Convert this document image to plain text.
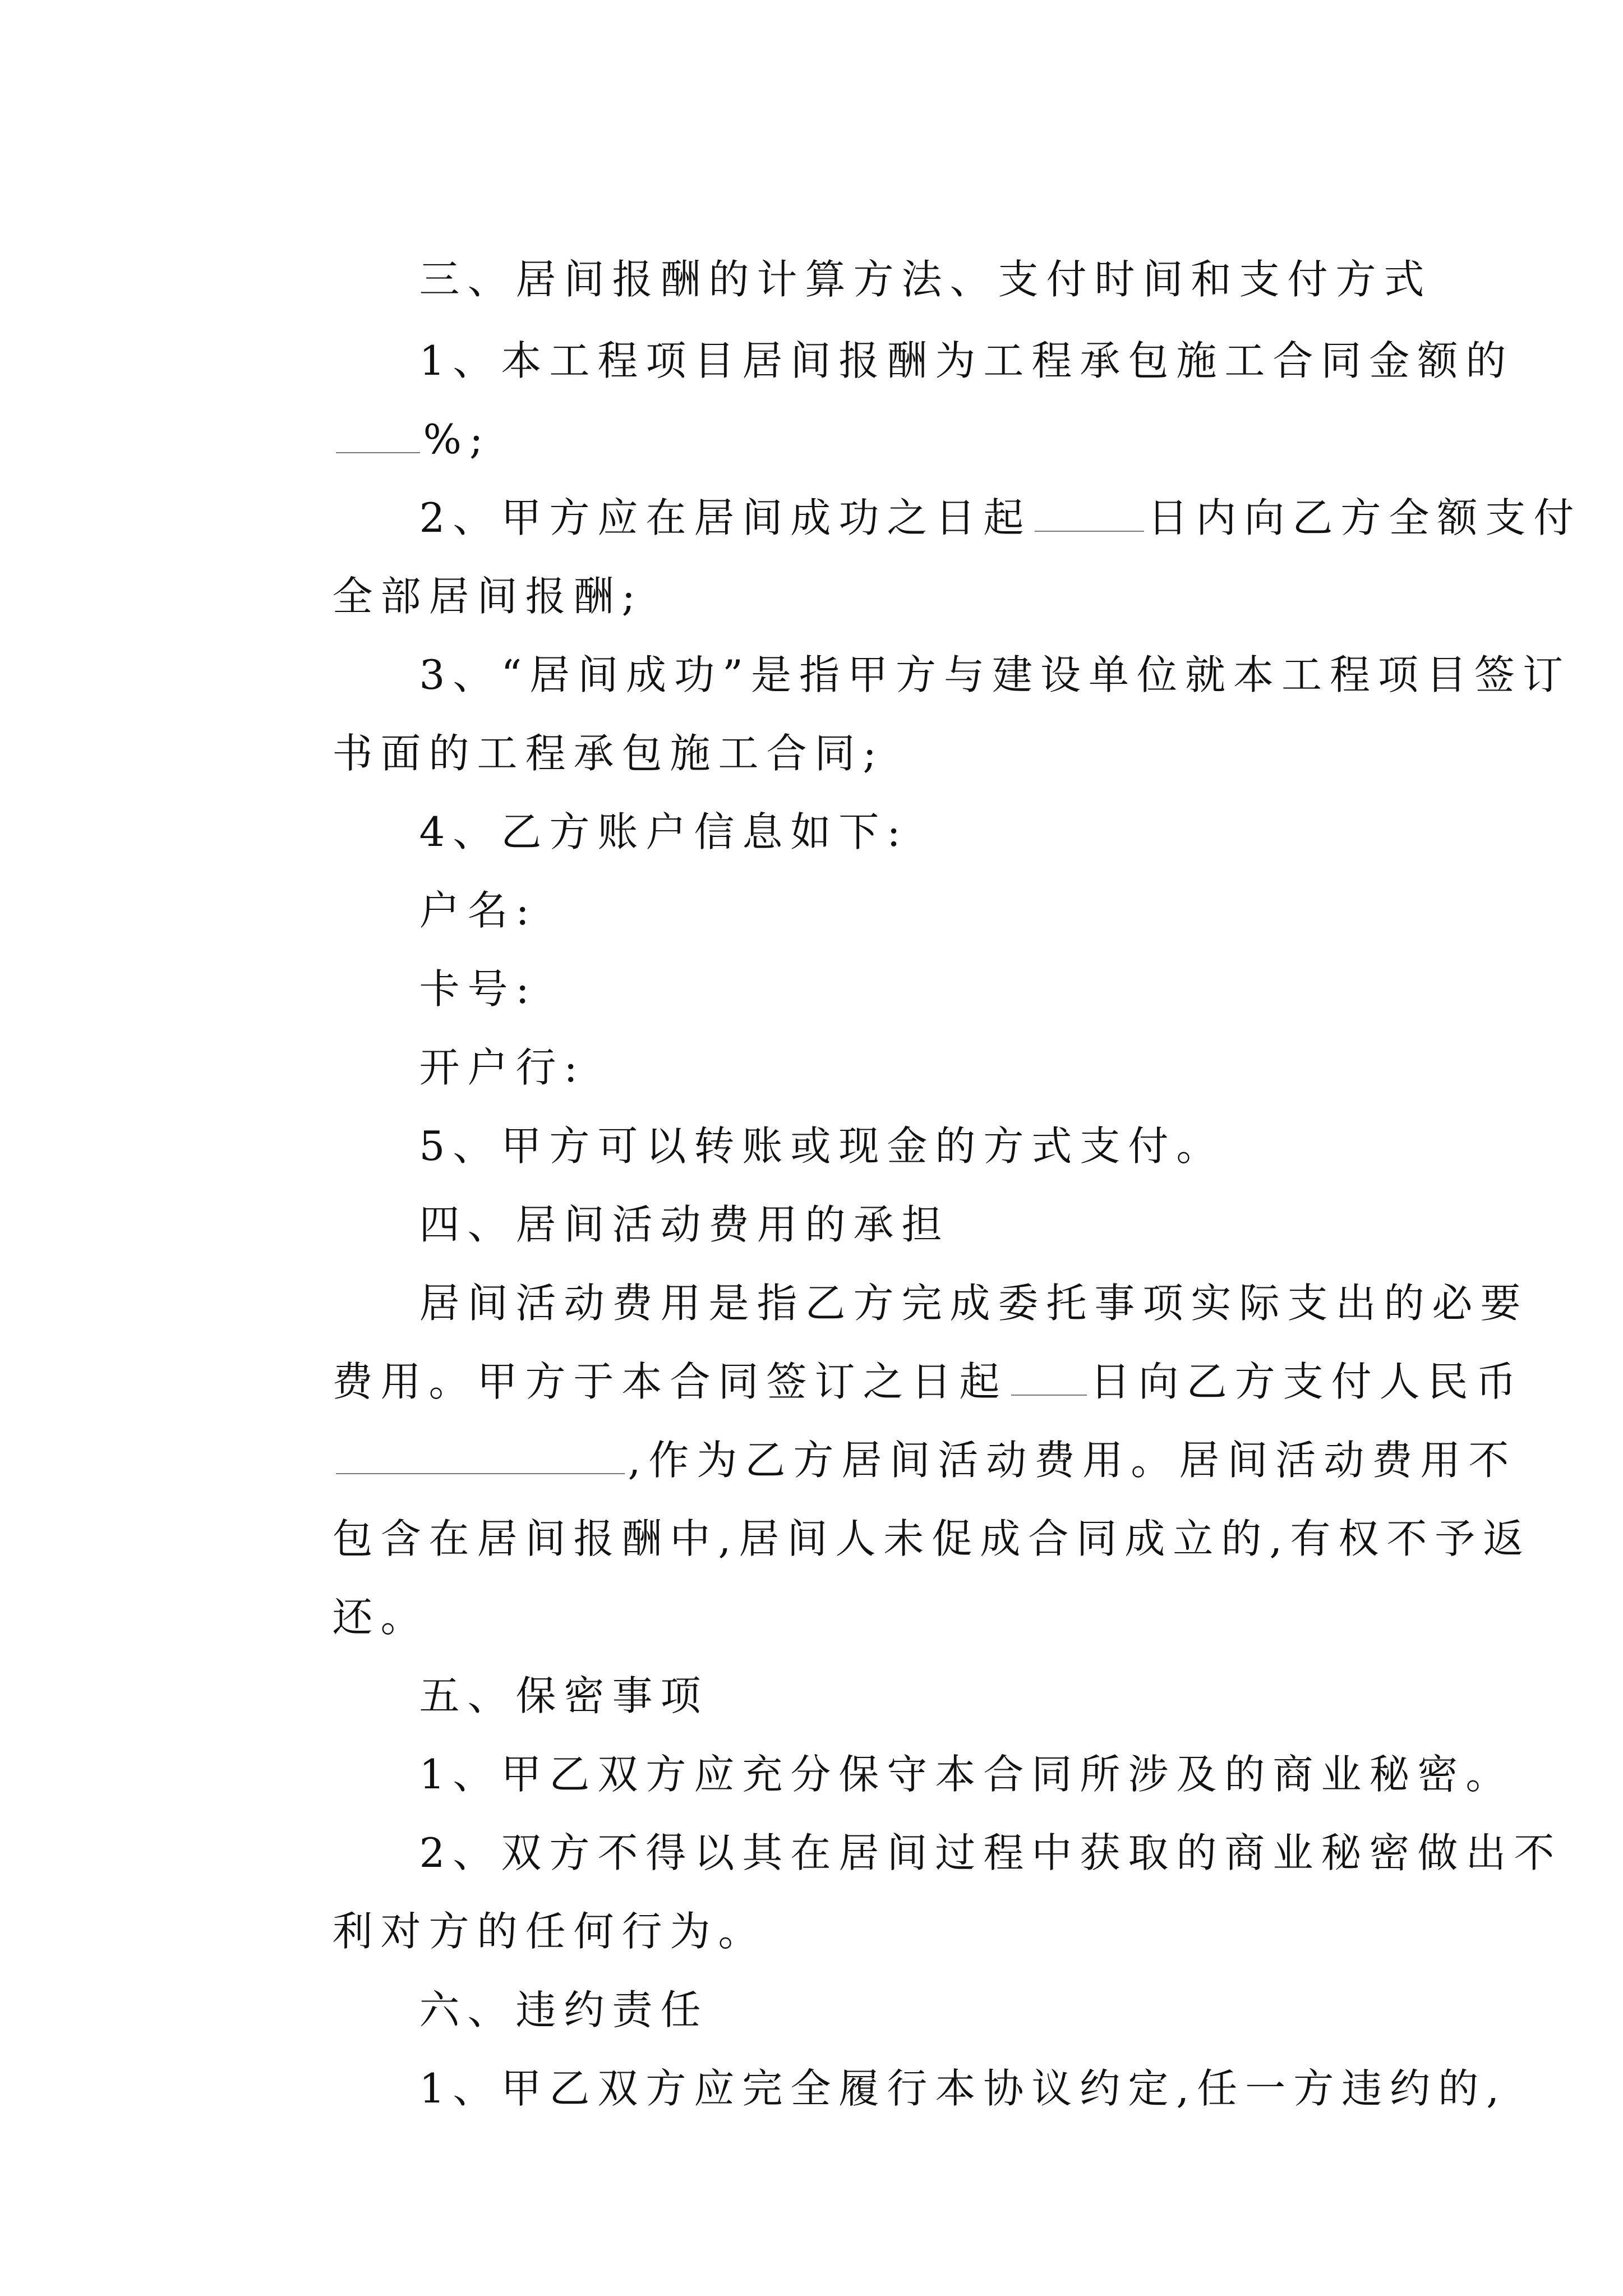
三、居间报酬的计算方法、支付时间和支付方式

1、本工程项目居间报酬为工程承包施工合同金额的

%;

2、甲方应在居间成功之日起	日内向乙方全额支付

全部居间报酬;

3、“居间成功”是指甲方与建设单位就本工程项目签订

书面的工程承包施工合同;

4、乙方账户信息如下:

户名:

卡号:

开户行:

5、甲方可以转账或现金的方式支付。

四、居间活动费用的承担

居间活动费用是指乙方完成委托事项实际支出的必要

费用。甲方于本合同签订之日起 日向乙方支付人民币

,作为乙方居间活动费用。居间活动费用不

包含在居间报酬中,居间人未促成合同成立的,有权不予返

还。

五、保密事项

1、甲乙双方应充分保守本合同所涉及的商业秘密。

2、双方不得以其在居间过程中获取的商业秘密做出不

利对方的任何行为。

六、违约责任

1、甲乙双方应完全履行本协议约定,任一方违约的,
